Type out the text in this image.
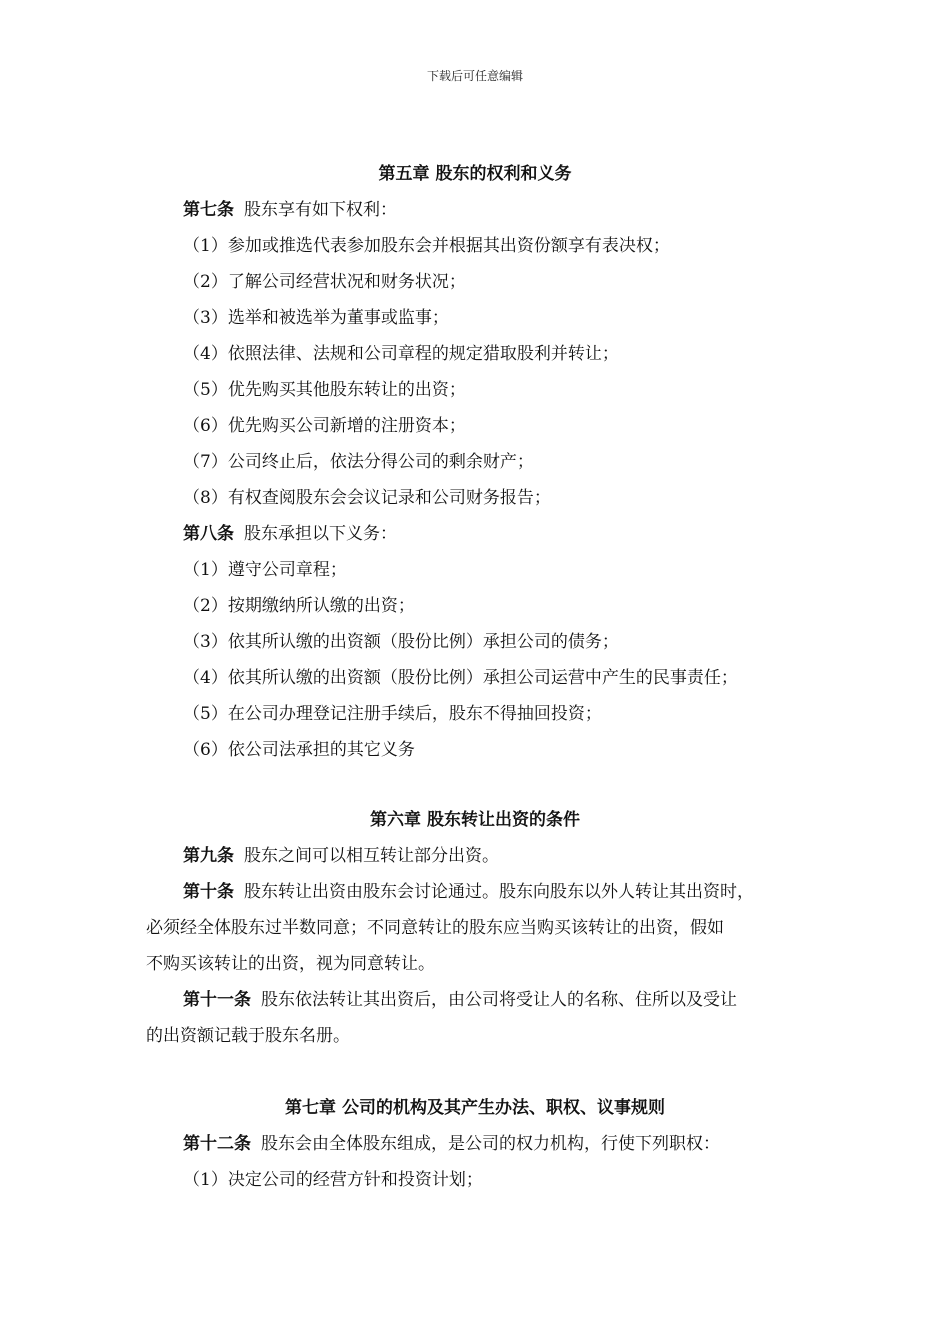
下载后可任意编辑
第五章 股东的权利和义务
第七条 股东享有如下权利：
（1）参加或推选代表参加股东会并根据其出资份额享有表决权；
（2）了解公司经营状况和财务状况；
（3）选举和被选举为董事或监事；
（4）依照法律、法规和公司章程的规定猎取股利并转让；
（5）优先购买其他股东转让的出资；
（6）优先购买公司新增的注册资本；
（7）公司终止后，依法分得公司的剩余财产；
（8）有权查阅股东会会议记录和公司财务报告；
第八条 股东承担以下义务：
（1）遵守公司章程；
（2）按期缴纳所认缴的出资；
（3）依其所认缴的出资额（股份比例）承担公司的债务；
（4）依其所认缴的出资额（股份比例）承担公司运营中产生的民事责任；
（5）在公司办理登记注册手续后，股东不得抽回投资；
（6）依公司法承担的其它义务
第六章 股东转让出资的条件
第九条 股东之间可以相互转让部分出资。
第十条 股东转让出资由股东会讨论通过。股东向股东以外人转让其出资时，
必须经全体股东过半数同意；不同意转让的股东应当购买该转让的出资，假如
不购买该转让的出资，视为同意转让。
第十一条 股东依法转让其出资后，由公司将受让人的名称、住所以及受让
的出资额记载于股东名册。
第七章 公司的机构及其产生办法、职权、议事规则
第十二条 股东会由全体股东组成，是公司的权力机构，行使下列职权：
（1）决定公司的经营方针和投资计划；
